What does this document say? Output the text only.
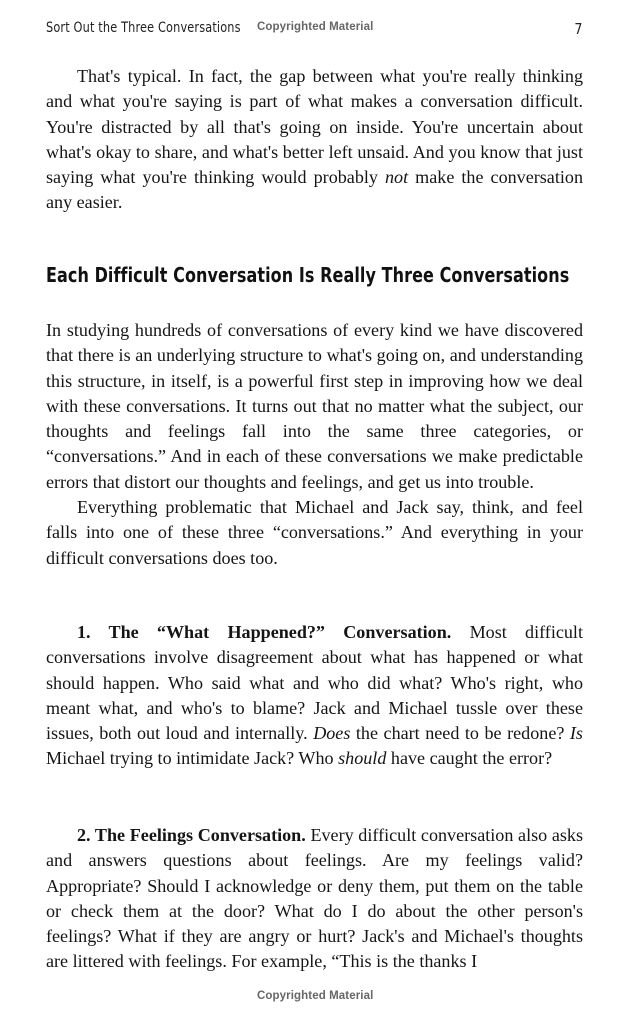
Sort Out the Three Conversations Copyrighted Material	7

That's typical. In fact, the gap between what you're really thinking and what you're saying is part of what makes a conversation difficult. You're distracted by all that's going on inside. You're uncertain about what's okay to share, and what's better left unsaid. And you know that just saying what you're thinking would probably not make the conversation any easier.

Each Difficult Conversation Is Really Three Conversations

In studying hundreds of conversations of every kind we have discovered that there is an underlying structure to what's going on, and understanding this structure, in itself, is a powerful first step in improving how we deal with these conversations. It turns out that no matter what the subject, our thoughts and feelings fall into the same three categories, or “conversations.” And in each of these conversations we make predictable errors that distort our thoughts and feelings, and get us into trouble.

Everything problematic that Michael and Jack say, think, and feel falls into one of these three “conversations.” And everything in your difficult conversations does too.

1. The “What Happened?” Conversation. Most difficult conversations involve disagreement about what has happened or what should happen. Who said what and who did what? Who's right, who meant what, and who's to blame? Jack and Michael tussle over these issues, both out loud and internally. Does the chart need to be redone? Is Michael trying to intimidate Jack? Who should have caught the error?

2. The Feelings Conversation. Every difficult conversation also asks and answers questions about feelings. Are my feelings valid? Appropriate? Should I acknowledge or deny them, put them on the table or check them at the door? What do I do about the other person's feelings? What if they are angry or hurt? Jack's and Michael's thoughts are littered with feelings. For example, “This is the thanks I

Copyrighted Material
